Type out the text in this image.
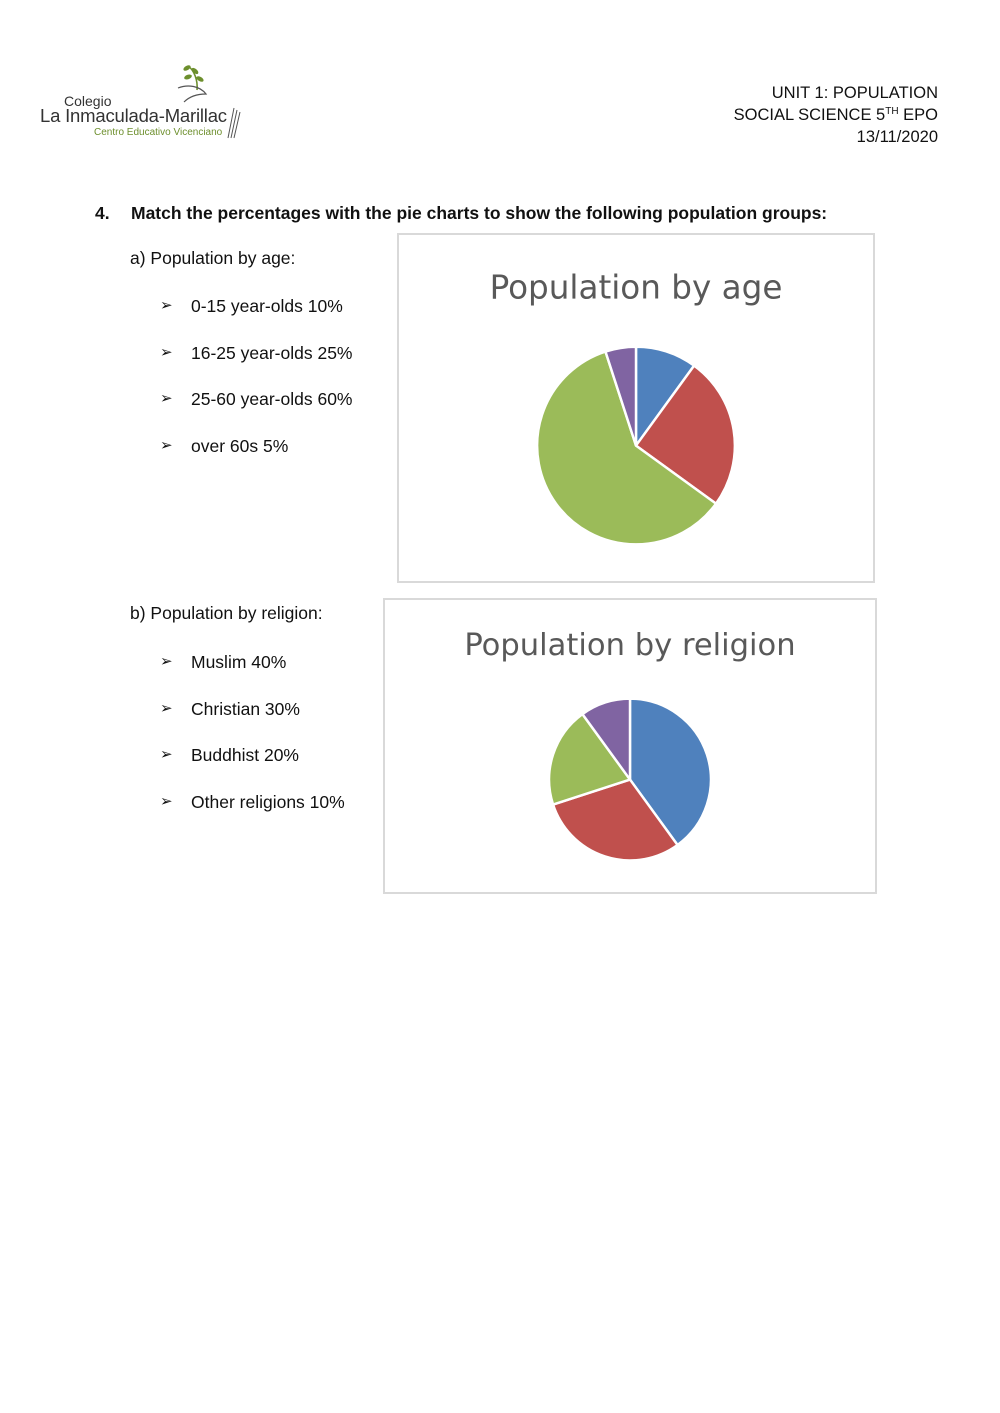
Colegio
La Inmaculada-Marillac
Centro Educativo Vicenciano
UNIT 1: POPULATION
SOCIAL SCIENCE 5TH EPO
13/11/2020
4. Match the percentages with the pie charts to show the following population groups:
a) Population by age:
➢	0-15 year-olds 10%
➢	16-25 year-olds 25%
➢	25-60 year-olds 60%
➢	over 60s 5%
Population by age
b) Population by religion:
➢	Muslim 40%
➢	Christian 30%
➢	Buddhist 20%
➢	Other religions 10%
Population by religion
